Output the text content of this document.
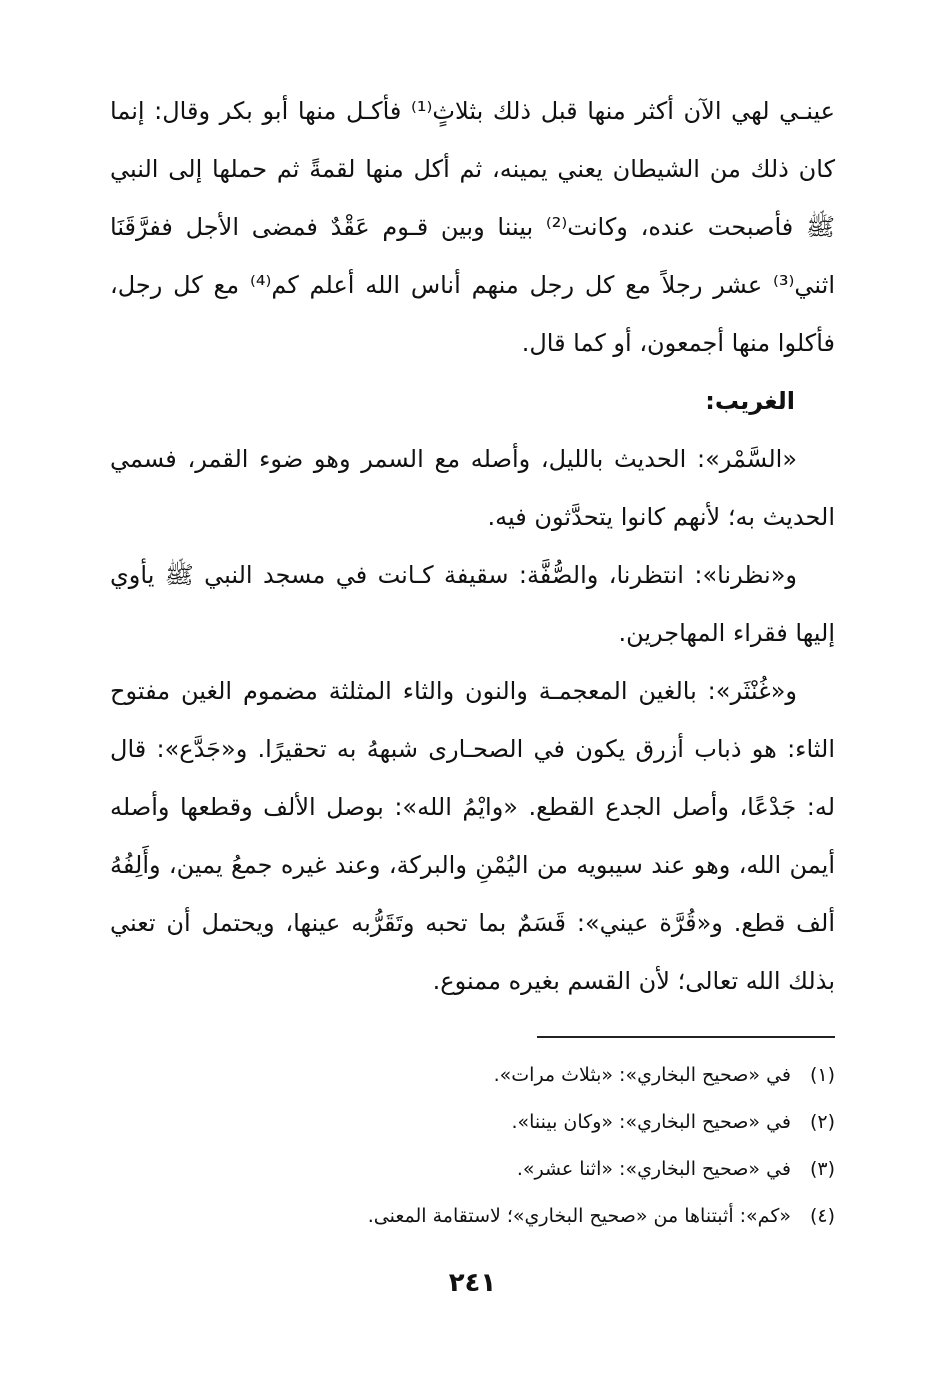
عينـي لهي الآن أكثر منها قبل ذلك بثلاثٍ⁽¹⁾ فأكـل منها أبو بكر وقال: إنما كان ذلك من الشيطان يعني يمينه، ثم أكل منها لقمةً ثم حملها إلى النبي ﷺ فأصبحت عنده، وكانت⁽²⁾ بيننا وبين قـوم عَقْدٌ فمضى الأجل ففرَّقَنَا اثني⁽³⁾ عشر رجلاً مع كل رجل منهم أناس الله أعلم كم⁽⁴⁾ مع كل رجل، فأكلوا منها أجمعون، أو كما قال.

الغريب:

«السَّمْر»: الحديث بالليل، وأصله مع السمر وهو ضوء القمر، فسمي الحديث به؛ لأنهم كانوا يتحدَّثون فيه.

و«نظرنا»: انتظرنا، والصُّفَّة: سقيفة كـانت في مسجد النبي ﷺ يأوي إليها فقراء المهاجرين.

و«غُنْثَر»: بالغين المعجمـة والنون والثاء المثلثة مضموم الغين مفتوح الثاء: هو ذباب أزرق يكون في الصحـارى شبههُ به تحقيرًا. و«جَدَّع»: قال له: جَدْعًا، وأصل الجدع القطع. «وايْمُ الله»: بوصل الألف وقطعها وأصله أيمن الله، وهو عند سيبويه من اليُمْنِ والبركة، وعند غيره جمعُ يمين، وأَلِفُهُ ألف قطع. و«قُرَّة عيني»: قَسَمٌ بما تحبه وتَقَرُّبه عينها، ويحتمل أن تعني بذلك الله تعالى؛ لأن القسم بغيره ممنوع.

(١)
في «صحيح البخاري»: «بثلاث مرات».
(٢)
في «صحيح البخاري»: «وكان بيننا».
(٣)
في «صحيح البخاري»: «اثنا عشر».
(٤)
«كم»: أثبتناها من «صحيح البخاري»؛ لاستقامة المعنى.
٢٤١
